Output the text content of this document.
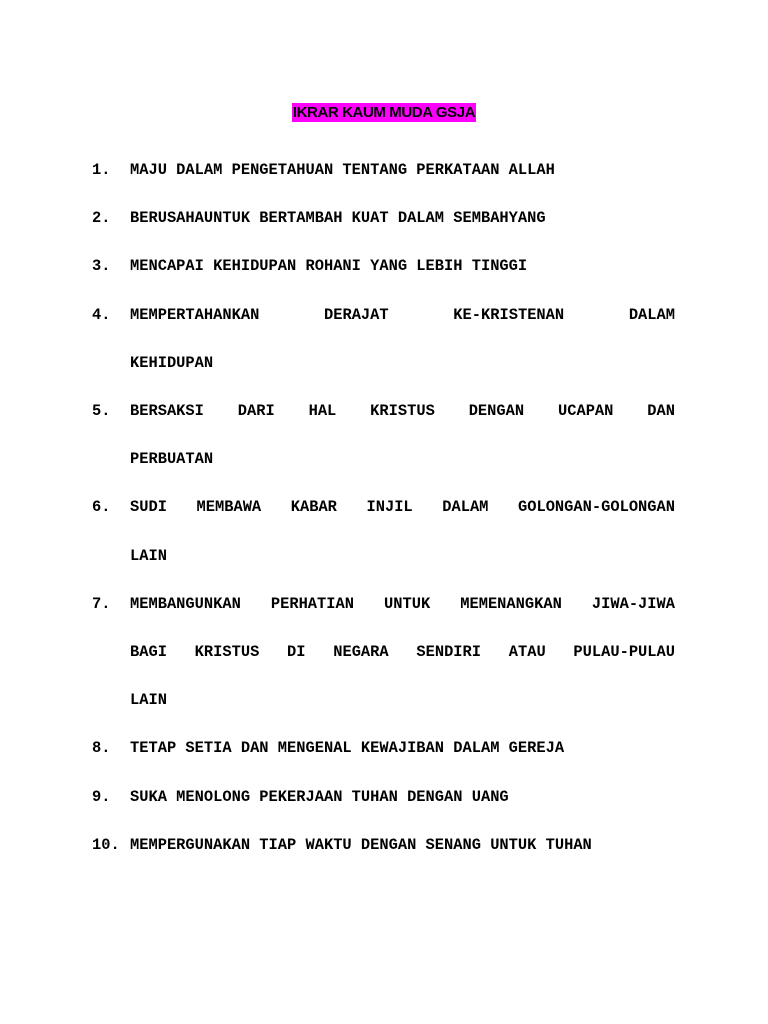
IKRAR KAUM MUDA GSJA
1. MAJU DALAM PENGETAHUAN TENTANG PERKATAAN ALLAH
2. BERUSAHAUNTUK BERTAMBAH KUAT DALAM SEMBAHYANG
3. MENCAPAI KEHIDUPAN ROHANI YANG LEBIH TINGGI
4. MEMPERTAHANKAN DERAJAT KE-KRISTENAN DALAM
KEHIDUPAN
5. BERSAKSI DARI HAL KRISTUS DENGAN UCAPAN DAN
PERBUATAN
6. SUDI MEMBAWA KABAR INJIL DALAM GOLONGAN-GOLONGAN
LAIN
7. MEMBANGUNKAN PERHATIAN UNTUK MEMENANGKAN JIWA-JIWA
BAGI KRISTUS DI NEGARA SENDIRI ATAU PULAU-PULAU
LAIN
8. TETAP SETIA DAN MENGENAL KEWAJIBAN DALAM GEREJA
9. SUKA MENOLONG PEKERJAAN TUHAN DENGAN UANG
10. MEMPERGUNAKAN TIAP WAKTU DENGAN SENANG UNTUK TUHAN
